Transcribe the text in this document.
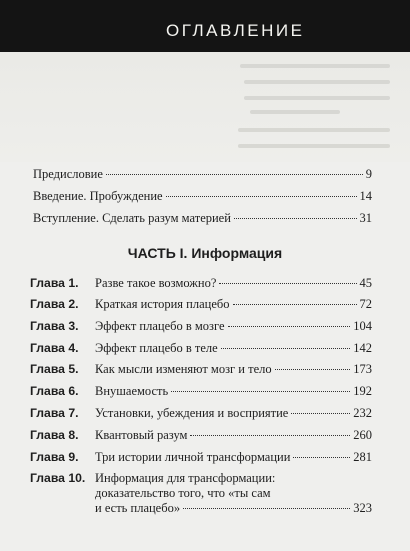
ОГЛАВЛЕНИЕ
Предисловие	9
Введение. Пробуждение	14
Вступление. Сделать разум материей	31
ЧАСТЬ I. Информация
Глава 1. Разве такое возможно?	45
Глава 2. Краткая история плацебо	72
Глава 3. Эффект плацебо в мозге	104
Глава 4. Эффект плацебо в теле	142
Глава 5. Как мысли изменяют мозг и тело	173
Глава 6. Внушаемость	192
Глава 7. Установки, убеждения и восприятие	232
Глава 8. Квантовый разум	260
Глава 9. Три истории личной трансформации	281
Глава 10. Информация для трансформации:
доказательство того, что «ты сам
и есть плацебо»	323
